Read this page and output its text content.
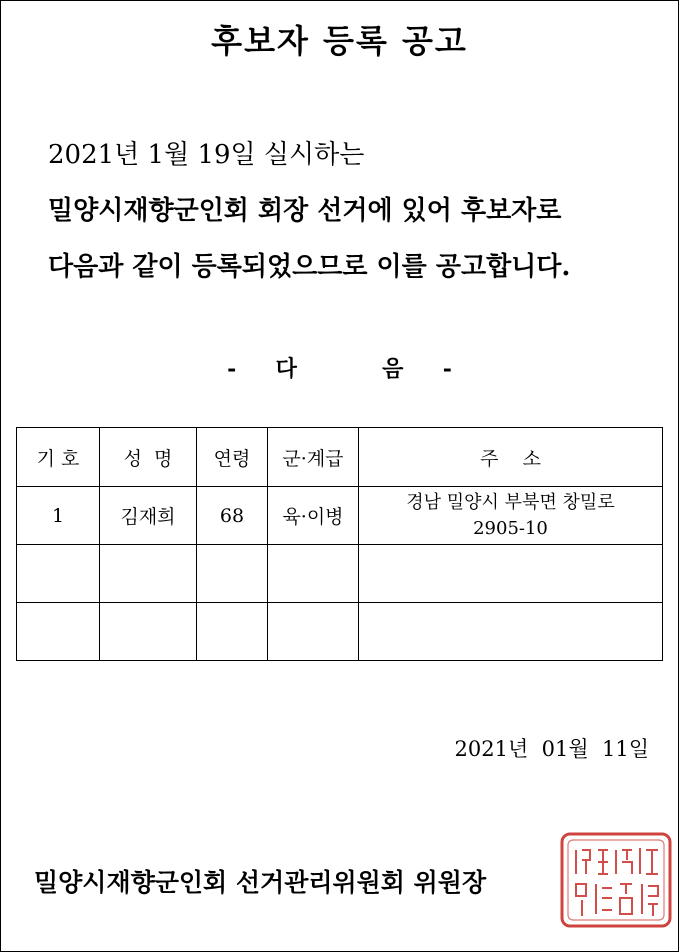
후보자 등록 공고
2021년 1월 19일 실시하는
밀양시재향군인회 회장 선거에 있어 후보자로
다음과 같이 등록되었으므로 이를 공고합니다.
- 다	음 -
기 호	성  명	연령	군·계급	주    소
1	김재희	68	육·이병	경남 밀양시 부북면 창밀로
2905-10

2021년  01월  11일
밀양시재향군인회 선거관리위원회 위원장
